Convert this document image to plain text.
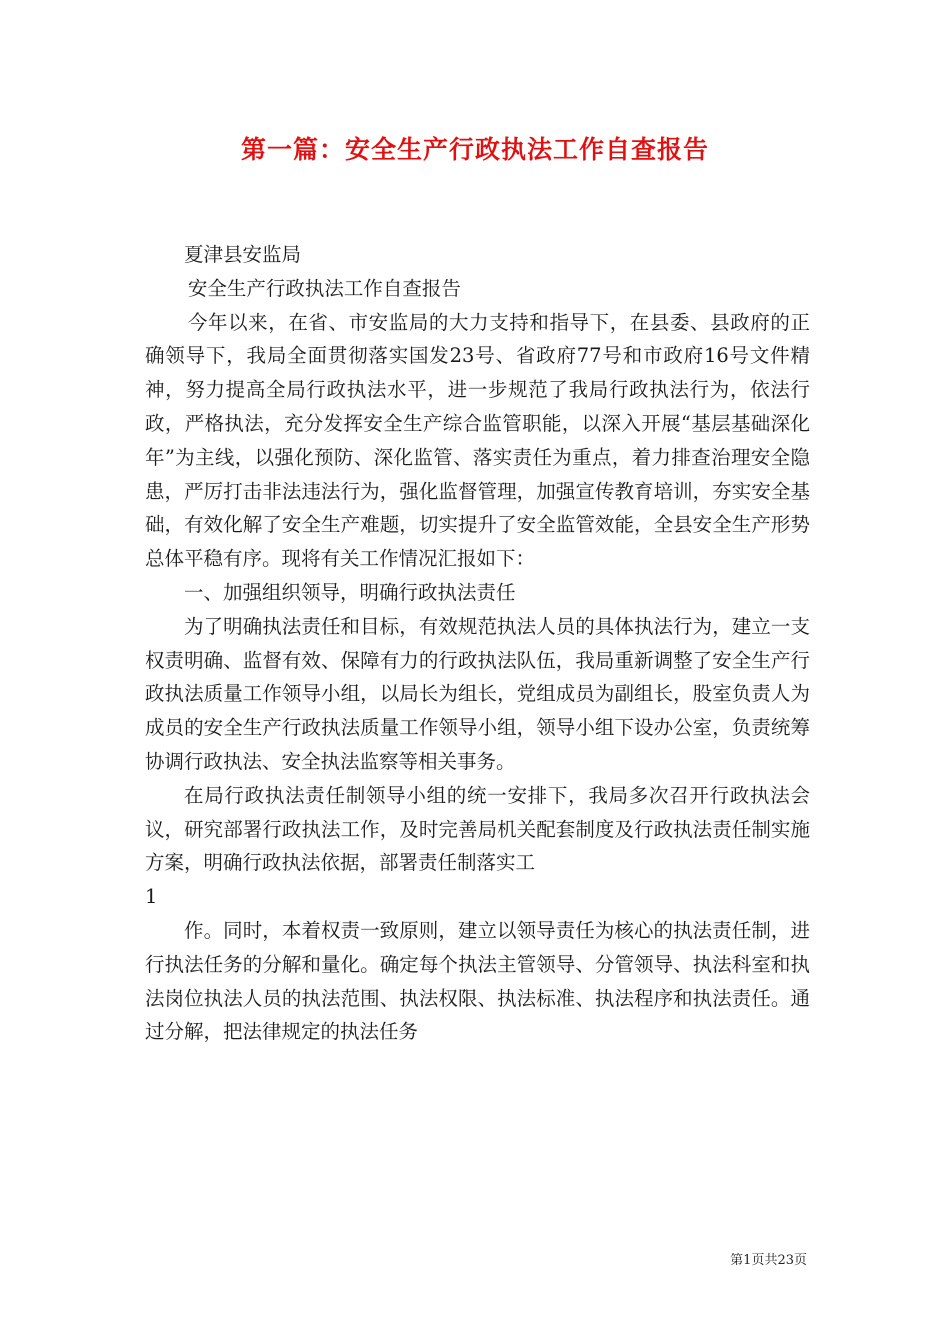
第一篇：安全生产行政执法工作自查报告

夏津县安监局

安全生产行政执法工作自查报告

今年以来，在省、市安监局的大力支持和指导下，在县委、县政府的正确领导下，我局全面贯彻落实国发23号、省政府77号和市政府16号文件精神，努力提高全局行政执法水平，进一步规范了我局行政执法行为，依法行政，严格执法，充分发挥安全生产综合监管职能，以深入开展“基层基础深化年”为主线，以强化预防、深化监管、落实责任为重点，着力排查治理安全隐患，严厉打击非法违法行为，强化监督管理，加强宣传教育培训，夯实安全基础，有效化解了安全生产难题，切实提升了安全监管效能，全县安全生产形势总体平稳有序。现将有关工作情况汇报如下：

一、加强组织领导，明确行政执法责任

为了明确执法责任和目标，有效规范执法人员的具体执法行为，建立一支权责明确、监督有效、保障有力的行政执法队伍，我局重新调整了安全生产行政执法质量工作领导小组，以局长为组长，党组成员为副组长，股室负责人为成员的安全生产行政执法质量工作领导小组，领导小组下设办公室，负责统筹协调行政执法、安全执法监察等相关事务。

在局行政执法责任制领导小组的统一安排下，我局多次召开行政执法会议，研究部署行政执法工作，及时完善局机关配套制度及行政执法责任制实施方案，明确行政执法依据，部署责任制落实工

1

作。同时，本着权责一致原则，建立以领导责任为核心的执法责任制，进行执法任务的分解和量化。确定每个执法主管领导、分管领导、执法科室和执法岗位执法人员的执法范围、执法权限、执法标准、执法程序和执法责任。通过分解，把法律规定的执法任务

第1页共23页
